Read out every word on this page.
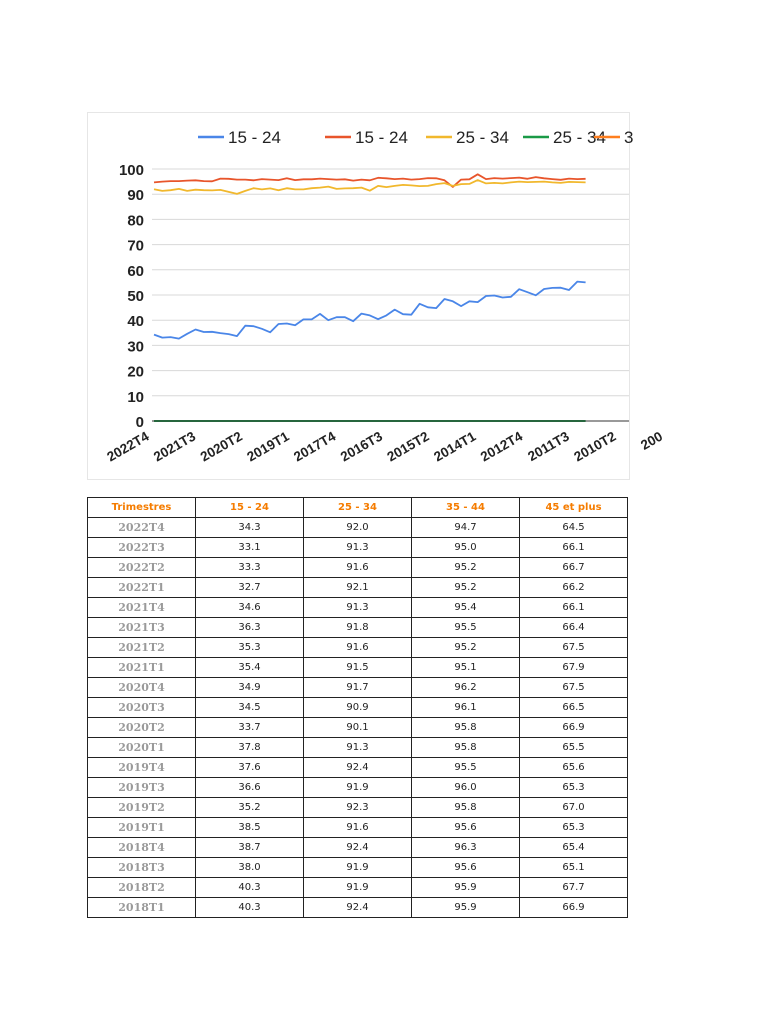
15 - 24	15 - 24	25 - 34	25 - 34 3
0
10
20
30
40
50
60
70
80
90
100
2022T4 2021T3 2020T2 2019T1 2017T4 2016T3 2015T2 2014T1 2012T4 2011T3 2010T2 200
Trimestres	15 - 24	25 - 34	35 - 44	45 et plus
2022T4	34.3	92.0	94.7	64.5
2022T3	33.1	91.3	95.0	66.1
2022T2	33.3	91.6	95.2	66.7
2022T1	32.7	92.1	95.2	66.2
2021T4	34.6	91.3	95.4	66.1
2021T3	36.3	91.8	95.5	66.4
2021T2	35.3	91.6	95.2	67.5
2021T1	35.4	91.5	95.1	67.9
2020T4	34.9	91.7	96.2	67.5
2020T3	34.5	90.9	96.1	66.5
2020T2	33.7	90.1	95.8	66.9
2020T1	37.8	91.3	95.8	65.5
2019T4	37.6	92.4	95.5	65.6
2019T3	36.6	91.9	96.0	65.3
2019T2	35.2	92.3	95.8	67.0
2019T1	38.5	91.6	95.6	65.3
2018T4	38.7	92.4	96.3	65.4
2018T3	38.0	91.9	95.6	65.1
2018T2	40.3	91.9	95.9	67.7
2018T1	40.3	92.4	95.9	66.9
